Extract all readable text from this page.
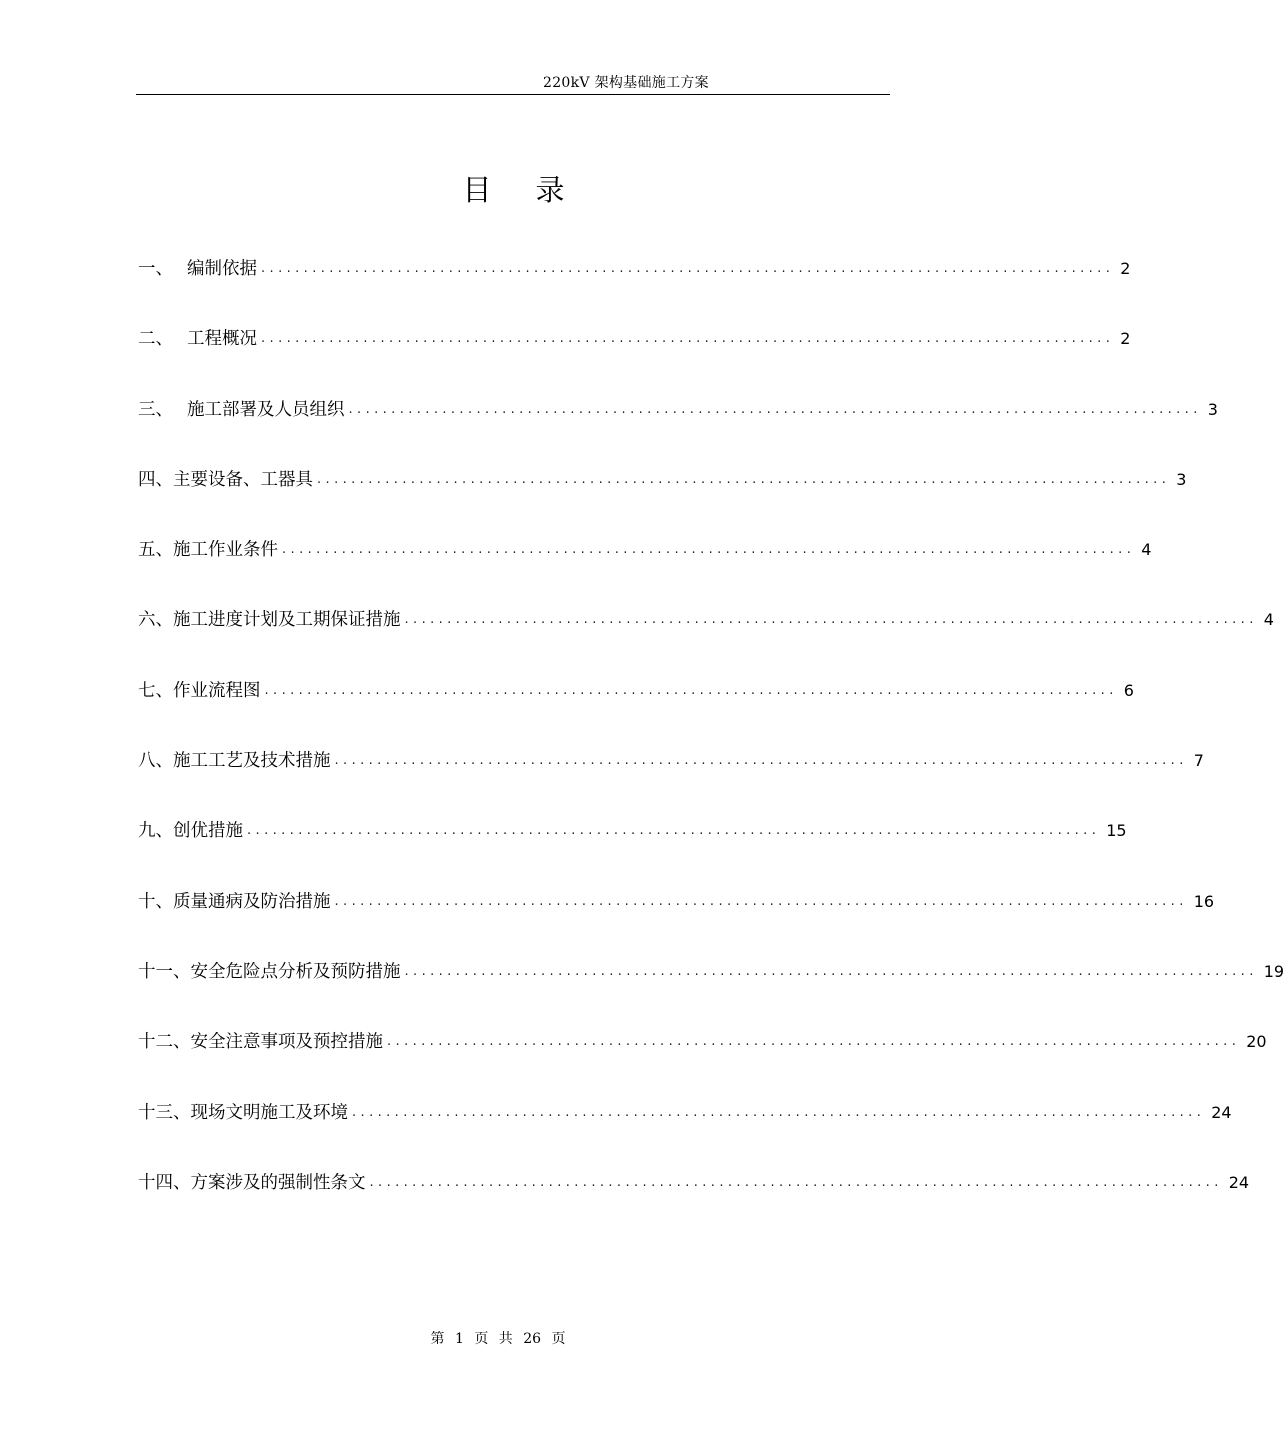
220kV 架构基础施工方案
目 录
一、 编制依据 .................................................................................................... 2
二、 工程概况 .................................................................................................... 2
三、 施工部署及人员组织 .................................................................................................... 3
四、 主要设备、工器具 .................................................................................................... 3
五、 施工作业条件 .................................................................................................... 4
六、 施工进度计划及工期保证措施 .................................................................................................... 4
七、 作业流程图 .................................................................................................... 6
八、 施工工艺及技术措施 .................................................................................................... 7
九、 创优措施 .................................................................................................... 15
十、 质量通病及防治措施 .................................................................................................... 16
十一、 安全危险点分析及预防措施 .................................................................................................... 19
十二、 安全注意事项及预控措施 .................................................................................................... 20
十三、 现场文明施工及环境 .................................................................................................... 24
十四、 方案涉及的强制性条文 .................................................................................................... 24
第 1 页 共 26 页
